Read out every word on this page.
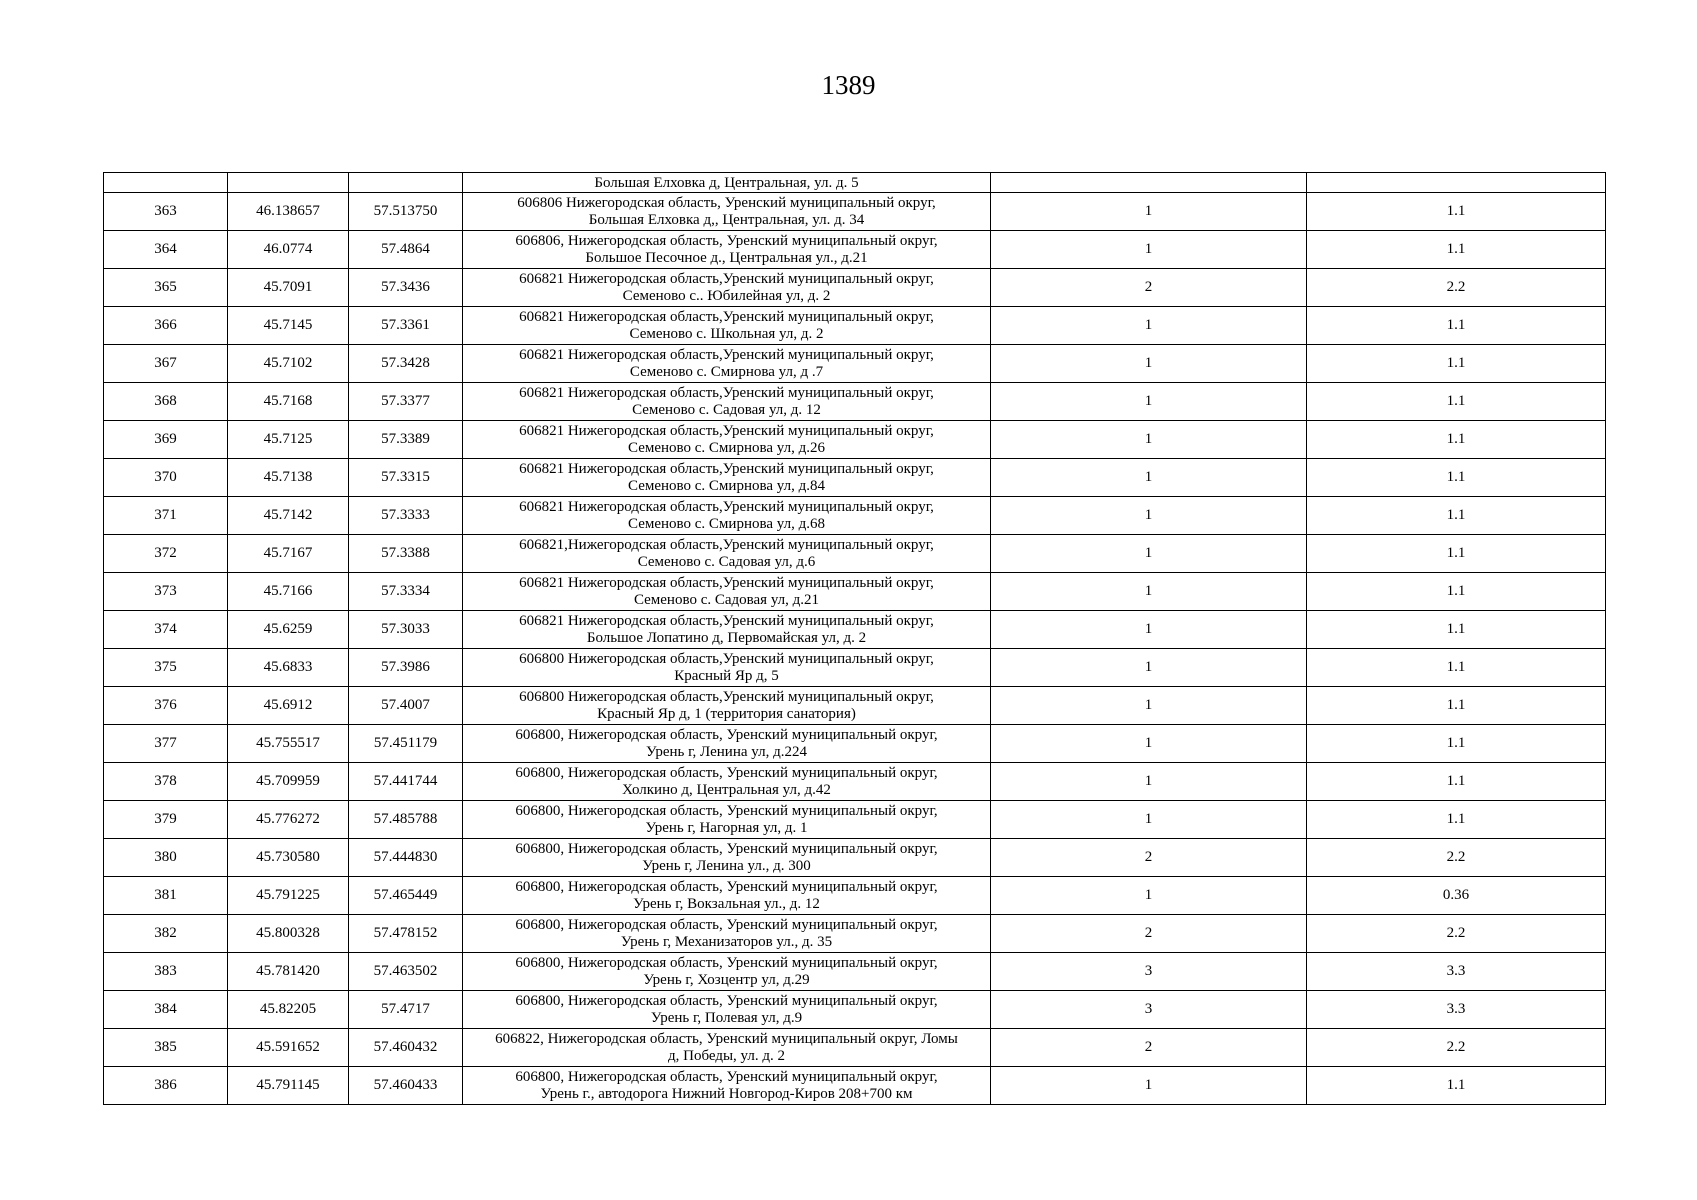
1389
			Большая Елховка д, Центральная, ул. д. 5		
363	46.138657	57.513750	606806 Нижегородская область, Уренский муниципальный округ,
Большая Елховка д,, Центральная, ул. д. 34	1	1.1
364	46.0774	57.4864	606806, Нижегородская область, Уренский муниципальный округ,
Большое Песочное д., Центральная ул., д.21	1	1.1
365	45.7091	57.3436	606821 Нижегородская область,Уренский муниципальный округ,
Семеново с.. Юбилейная ул, д. 2	2	2.2
366	45.7145	57.3361	606821 Нижегородская область,Уренский муниципальный округ,
Семеново с. Школьная ул, д. 2	1	1.1
367	45.7102	57.3428	606821 Нижегородская область,Уренский муниципальный округ,
Семеново с. Смирнова ул, д .7	1	1.1
368	45.7168	57.3377	606821 Нижегородская область,Уренский муниципальный округ,
Семеново с. Садовая ул, д. 12	1	1.1
369	45.7125	57.3389	606821 Нижегородская область,Уренский муниципальный округ,
Семеново с. Смирнова ул, д.26	1	1.1
370	45.7138	57.3315	606821 Нижегородская область,Уренский муниципальный округ,
Семеново с. Смирнова ул, д.84	1	1.1
371	45.7142	57.3333	606821 Нижегородская область,Уренский муниципальный округ,
Семеново с. Смирнова ул, д.68	1	1.1
372	45.7167	57.3388	606821,Нижегородская область,Уренский муниципальный округ,
Семеново с. Садовая ул, д.6	1	1.1
373	45.7166	57.3334	606821 Нижегородская область,Уренский муниципальный округ,
Семеново с. Садовая ул, д.21	1	1.1
374	45.6259	57.3033	606821 Нижегородская область,Уренский муниципальный округ,
Большое Лопатино д, Первомайская ул, д. 2	1	1.1
375	45.6833	57.3986	606800 Нижегородская область,Уренский муниципальный округ,
Красный Яр д, 5	1	1.1
376	45.6912	57.4007	606800 Нижегородская область,Уренский муниципальный округ,
Красный Яр д, 1 (территория санатория)	1	1.1
377	45.755517	57.451179	606800, Нижегородская область, Уренский муниципальный округ,
Урень г, Ленина ул, д.224	1	1.1
378	45.709959	57.441744	606800, Нижегородская область, Уренский муниципальный округ,
Холкино д, Центральная ул, д.42	1	1.1
379	45.776272	57.485788	606800, Нижегородская область, Уренский муниципальный округ,
Урень г, Нагорная ул, д. 1	1	1.1
380	45.730580	57.444830	606800, Нижегородская область, Уренский муниципальный округ,
Урень г, Ленина ул., д. 300	2	2.2
381	45.791225	57.465449	606800, Нижегородская область, Уренский муниципальный округ,
Урень г, Вокзальная ул., д. 12	1	0.36
382	45.800328	57.478152	606800, Нижегородская область, Уренский муниципальный округ,
Урень г, Механизаторов ул., д. 35	2	2.2
383	45.781420	57.463502	606800, Нижегородская область, Уренский муниципальный округ,
Урень г, Хозцентр ул, д.29	3	3.3
384	45.82205	57.4717	606800, Нижегородская область, Уренский муниципальный округ,
Урень г, Полевая ул, д.9	3	3.3
385	45.591652	57.460432	606822, Нижегородская область, Уренский муниципальный округ, Ломы
д, Победы, ул. д. 2	2	2.2
386	45.791145	57.460433	606800, Нижегородская область, Уренский муниципальный округ,
Урень г., автодорога Нижний Новгород-Киров 208+700 км	1	1.1
